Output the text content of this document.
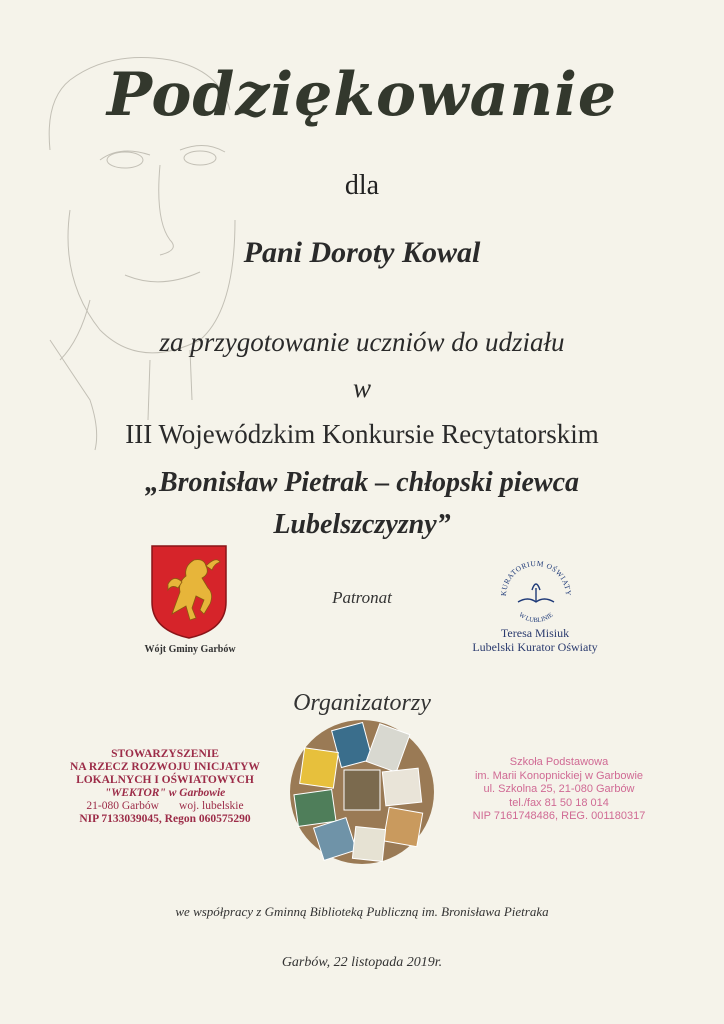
Podziękowanie
dla
Pani Doroty Kowal
za przygotowanie uczniów do udziału
w
III Wojewódzkim Konkursie Recytatorskim
„Bronisław Pietrak – chłopski piewca
Lubelszczyzny”
Wójt Gminy Garbów
Patronat	KURATORIUM OŚWIATY
W LUBLINIE
Teresa Misiuk
Lubelski Kurator Oświaty
Organizatorzy
STOWARZYSZENIE
NA RZECZ ROZWOJU INICJATYW
LOKALNYCH I OŚWIATOWYCH
"WEKTOR" w Garbowie
21-080 Garbów       woj. lubelskie
NIP 7133039045, Regon 060575290
Szkoła Podstawowa
im. Marii Konopnickiej w Garbowie
ul. Szkolna 25, 21-080 Garbów
tel./fax 81 50 18 014
NIP 7161748486, REG. 001180317
we współpracy z Gminną Biblioteką Publiczną im. Bronisława Pietraka
Garbów, 22 listopada 2019r.
